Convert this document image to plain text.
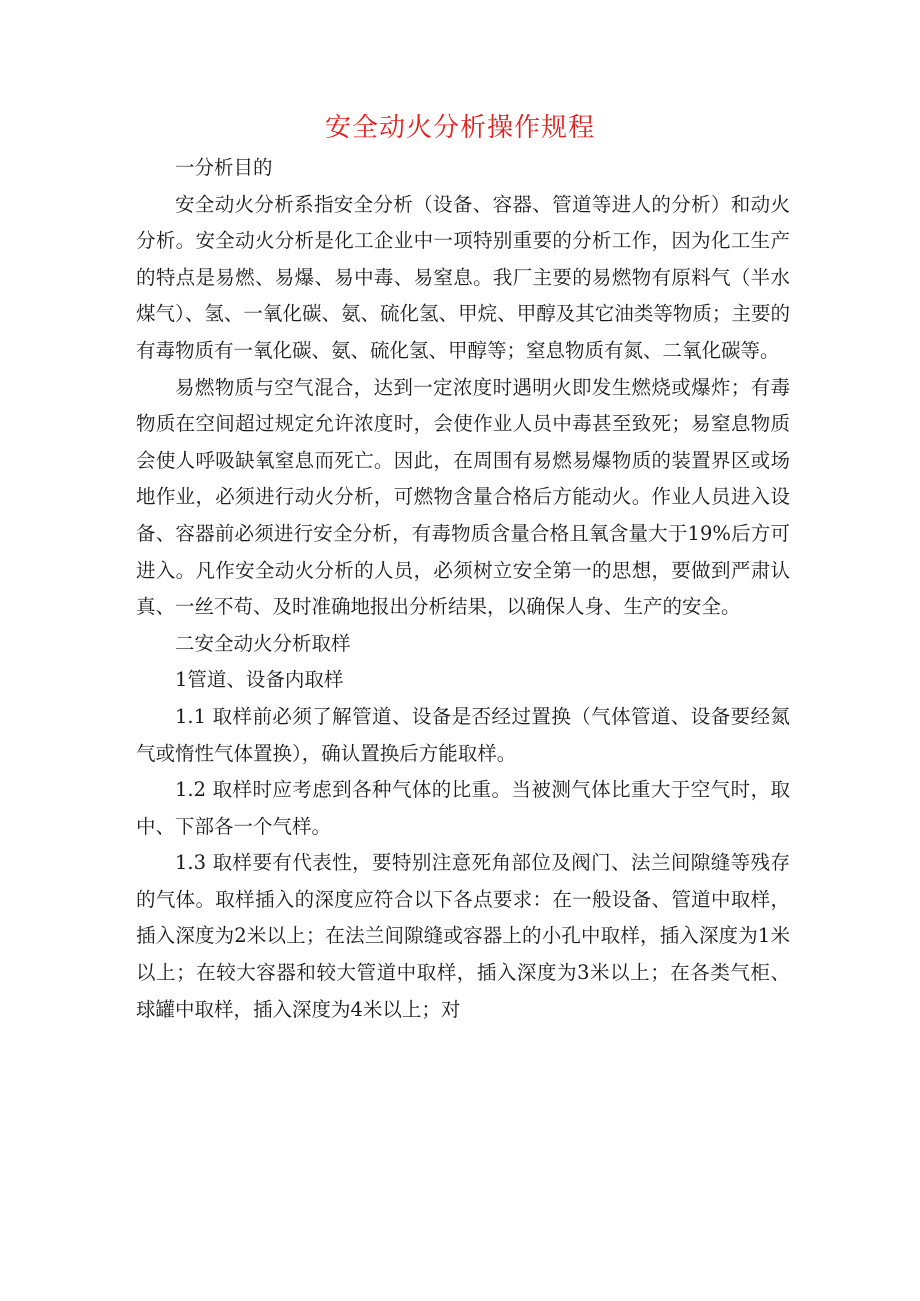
安全动火分析操作规程

一分析目的

安全动火分析系指安全分析（设备、容器、管道等进人的分析）和动火分析。安全动火分析是化工企业中一项特别重要的分析工作，因为化工生产的特点是易燃、易爆、易中毒、易窒息。我厂主要的易燃物有原料气（半水煤气）、氢、一氧化碳、氨、硫化氢、甲烷、甲醇及其它油类等物质；主要的有毒物质有一氧化碳、氨、硫化氢、甲醇等；窒息物质有氮、二氧化碳等。

易燃物质与空气混合，达到一定浓度时遇明火即发生燃烧或爆炸；有毒物质在空间超过规定允许浓度时，会使作业人员中毒甚至致死；易窒息物质会使人呼吸缺氧窒息而死亡。因此，在周围有易燃易爆物质的装置界区或场地作业，必须进行动火分析，可燃物含量合格后方能动火。作业人员进入设备、容器前必须进行安全分析，有毒物质含量合格且氧含量大于19%后方可进入。凡作安全动火分析的人员，必须树立安全第一的思想，要做到严肃认真、一丝不苟、及时准确地报出分析结果，以确保人身、生产的安全。

二安全动火分析取样

1管道、设备内取样

1.1 取样前必须了解管道、设备是否经过置换（气体管道、设备要经氮气或惰性气体置换），确认置换后方能取样。

1.2 取样时应考虑到各种气体的比重。当被测气体比重大于空气时，取中、下部各一个气样。

1.3 取样要有代表性，要特别注意死角部位及阀门、法兰间隙缝等残存的气体。取样插入的深度应符合以下各点要求：在一般设备、管道中取样，插入深度为2米以上；在法兰间隙缝或容器上的小孔中取样，插入深度为1米以上；在较大容器和较大管道中取样，插入深度为3米以上；在各类气柜、球罐中取样，插入深度为4米以上；对
